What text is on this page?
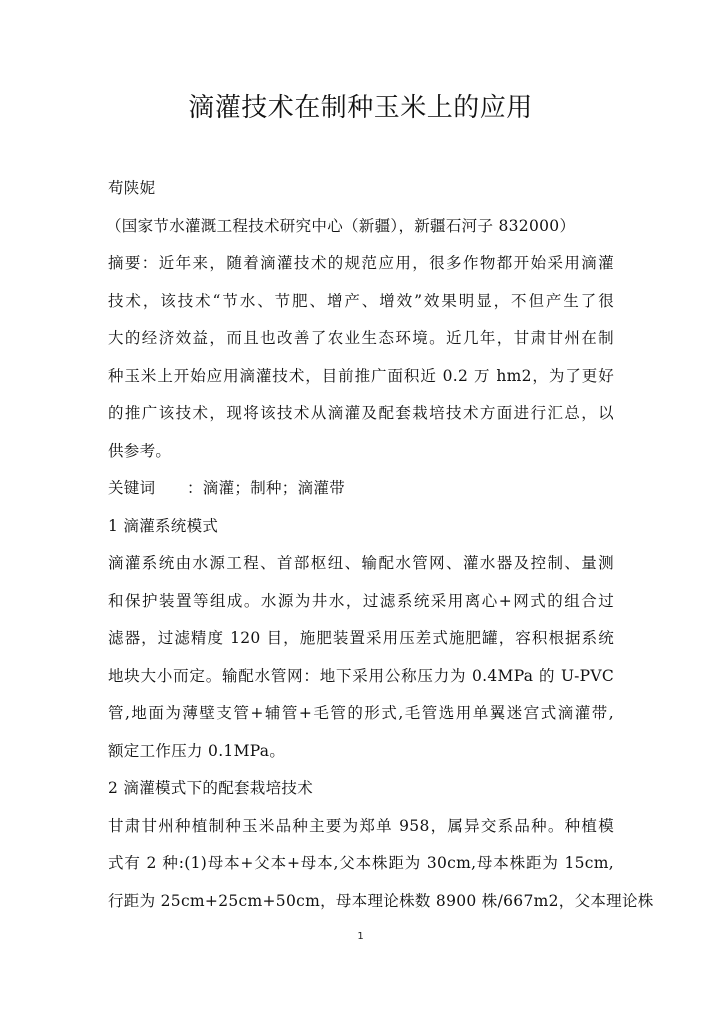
滴灌技术在制种玉米上的应用
苟陕妮
（国家节水灌溉工程技术研究中心（新疆），新疆石河子 832000）
摘要：近年来，随着滴灌技术的规范应用，很多作物都开始采用滴灌
技术，该技术“节水、节肥、增产、增效”效果明显，不但产生了很
大的经济效益，而且也改善了农业生态环境。近几年，甘肃甘州在制
种玉米上开始应用滴灌技术，目前推广面积近 0.2 万 hm2，为了更好
的推广该技术，现将该技术从滴灌及配套栽培技术方面进行汇总，以
供参考。
关键词　　：滴灌；制种；滴灌带
1 滴灌系统模式
滴灌系统由水源工程、首部枢纽、输配水管网、灌水器及控制、量测
和保护装置等组成。水源为井水，过滤系统采用离心+网式的组合过
滤器，过滤精度 120 目，施肥装置采用压差式施肥罐，容积根据系统
地块大小而定。输配水管网：地下采用公称压力为 0.4MPa 的 U-PVC
管,地面为薄壁支管+辅管+毛管的形式,毛管选用单翼迷宫式滴灌带,
额定工作压力 0.1MPa。
2 滴灌模式下的配套栽培技术
甘肃甘州种植制种玉米品种主要为郑单 958，属异交系品种。种植模
式有 2 种:(1)母本+父本+母本,父本株距为 30cm,母本株距为 15cm,
行距为 25cm+25cm+50cm，母本理论株数 8900 株/667m2，父本理论株
1
